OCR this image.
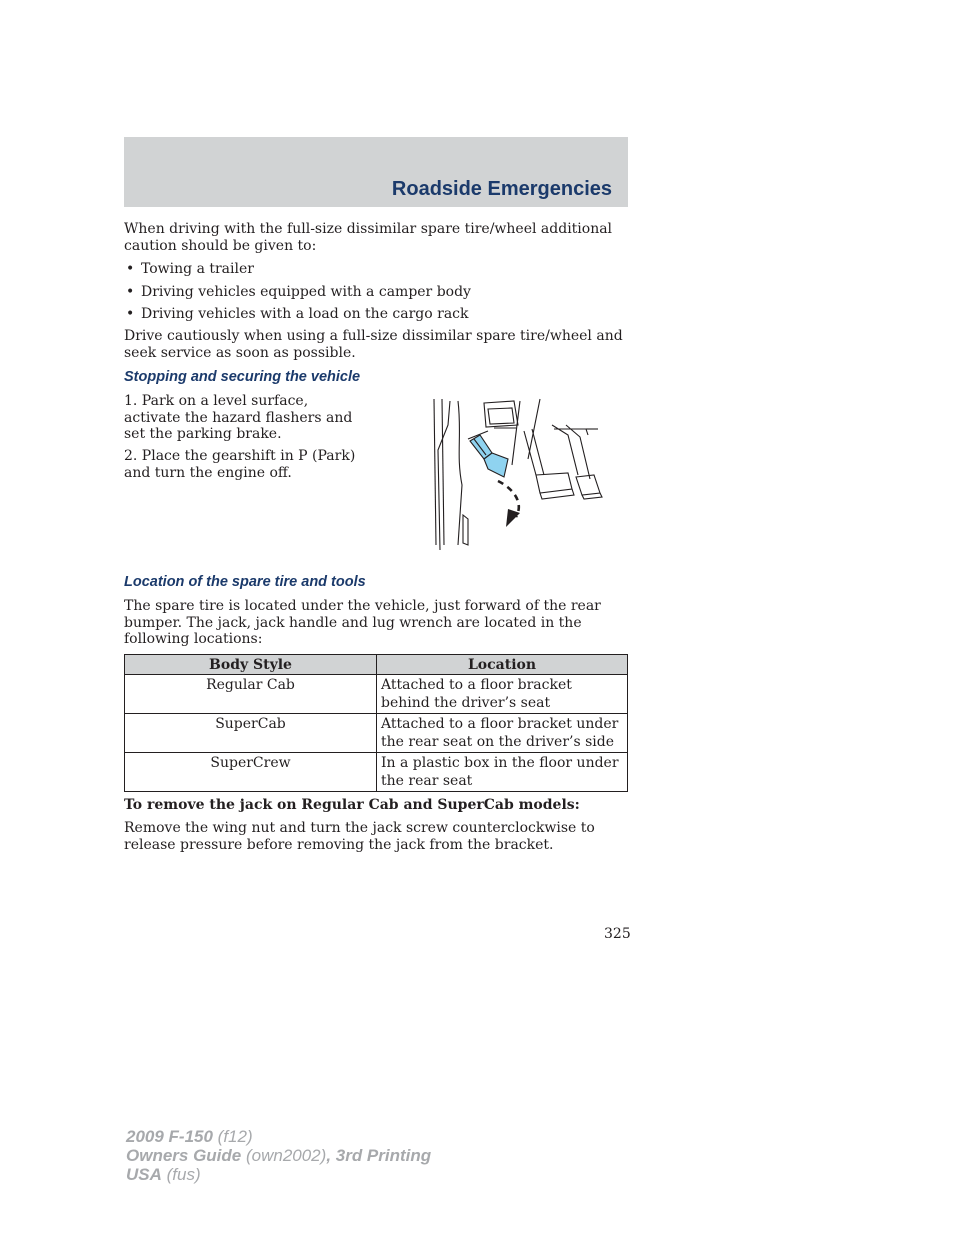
Roadside Emergencies

When driving with the full-size dissimilar spare tire/wheel additional caution should be given to:

• Towing a trailer
• Driving vehicles equipped with a camper body
• Driving vehicles with a load on the cargo rack

Drive cautiously when using a full-size dissimilar spare tire/wheel and seek service as soon as possible.

Stopping and securing the vehicle

1. Park on a level surface, activate the hazard flashers and set the parking brake.

2. Place the gearshift in P (Park) and turn the engine off.

Location of the spare tire and tools

The spare tire is located under the vehicle, just forward of the rear bumper. The jack, jack handle and lug wrench are located in the following locations:

Body Style	Location
Regular Cab	Attached to a floor bracket behind the driver’s seat
SuperCab	Attached to a floor bracket under the rear seat on the driver’s side
SuperCrew	In a plastic box in the floor under the rear seat

To remove the jack on Regular Cab and SuperCab models:

Remove the wing nut and turn the jack screw counterclockwise to release pressure before removing the jack from the bracket.

325
2009 F-150 (f12)
Owners Guide (own2002), 3rd Printing
USA (fus)
